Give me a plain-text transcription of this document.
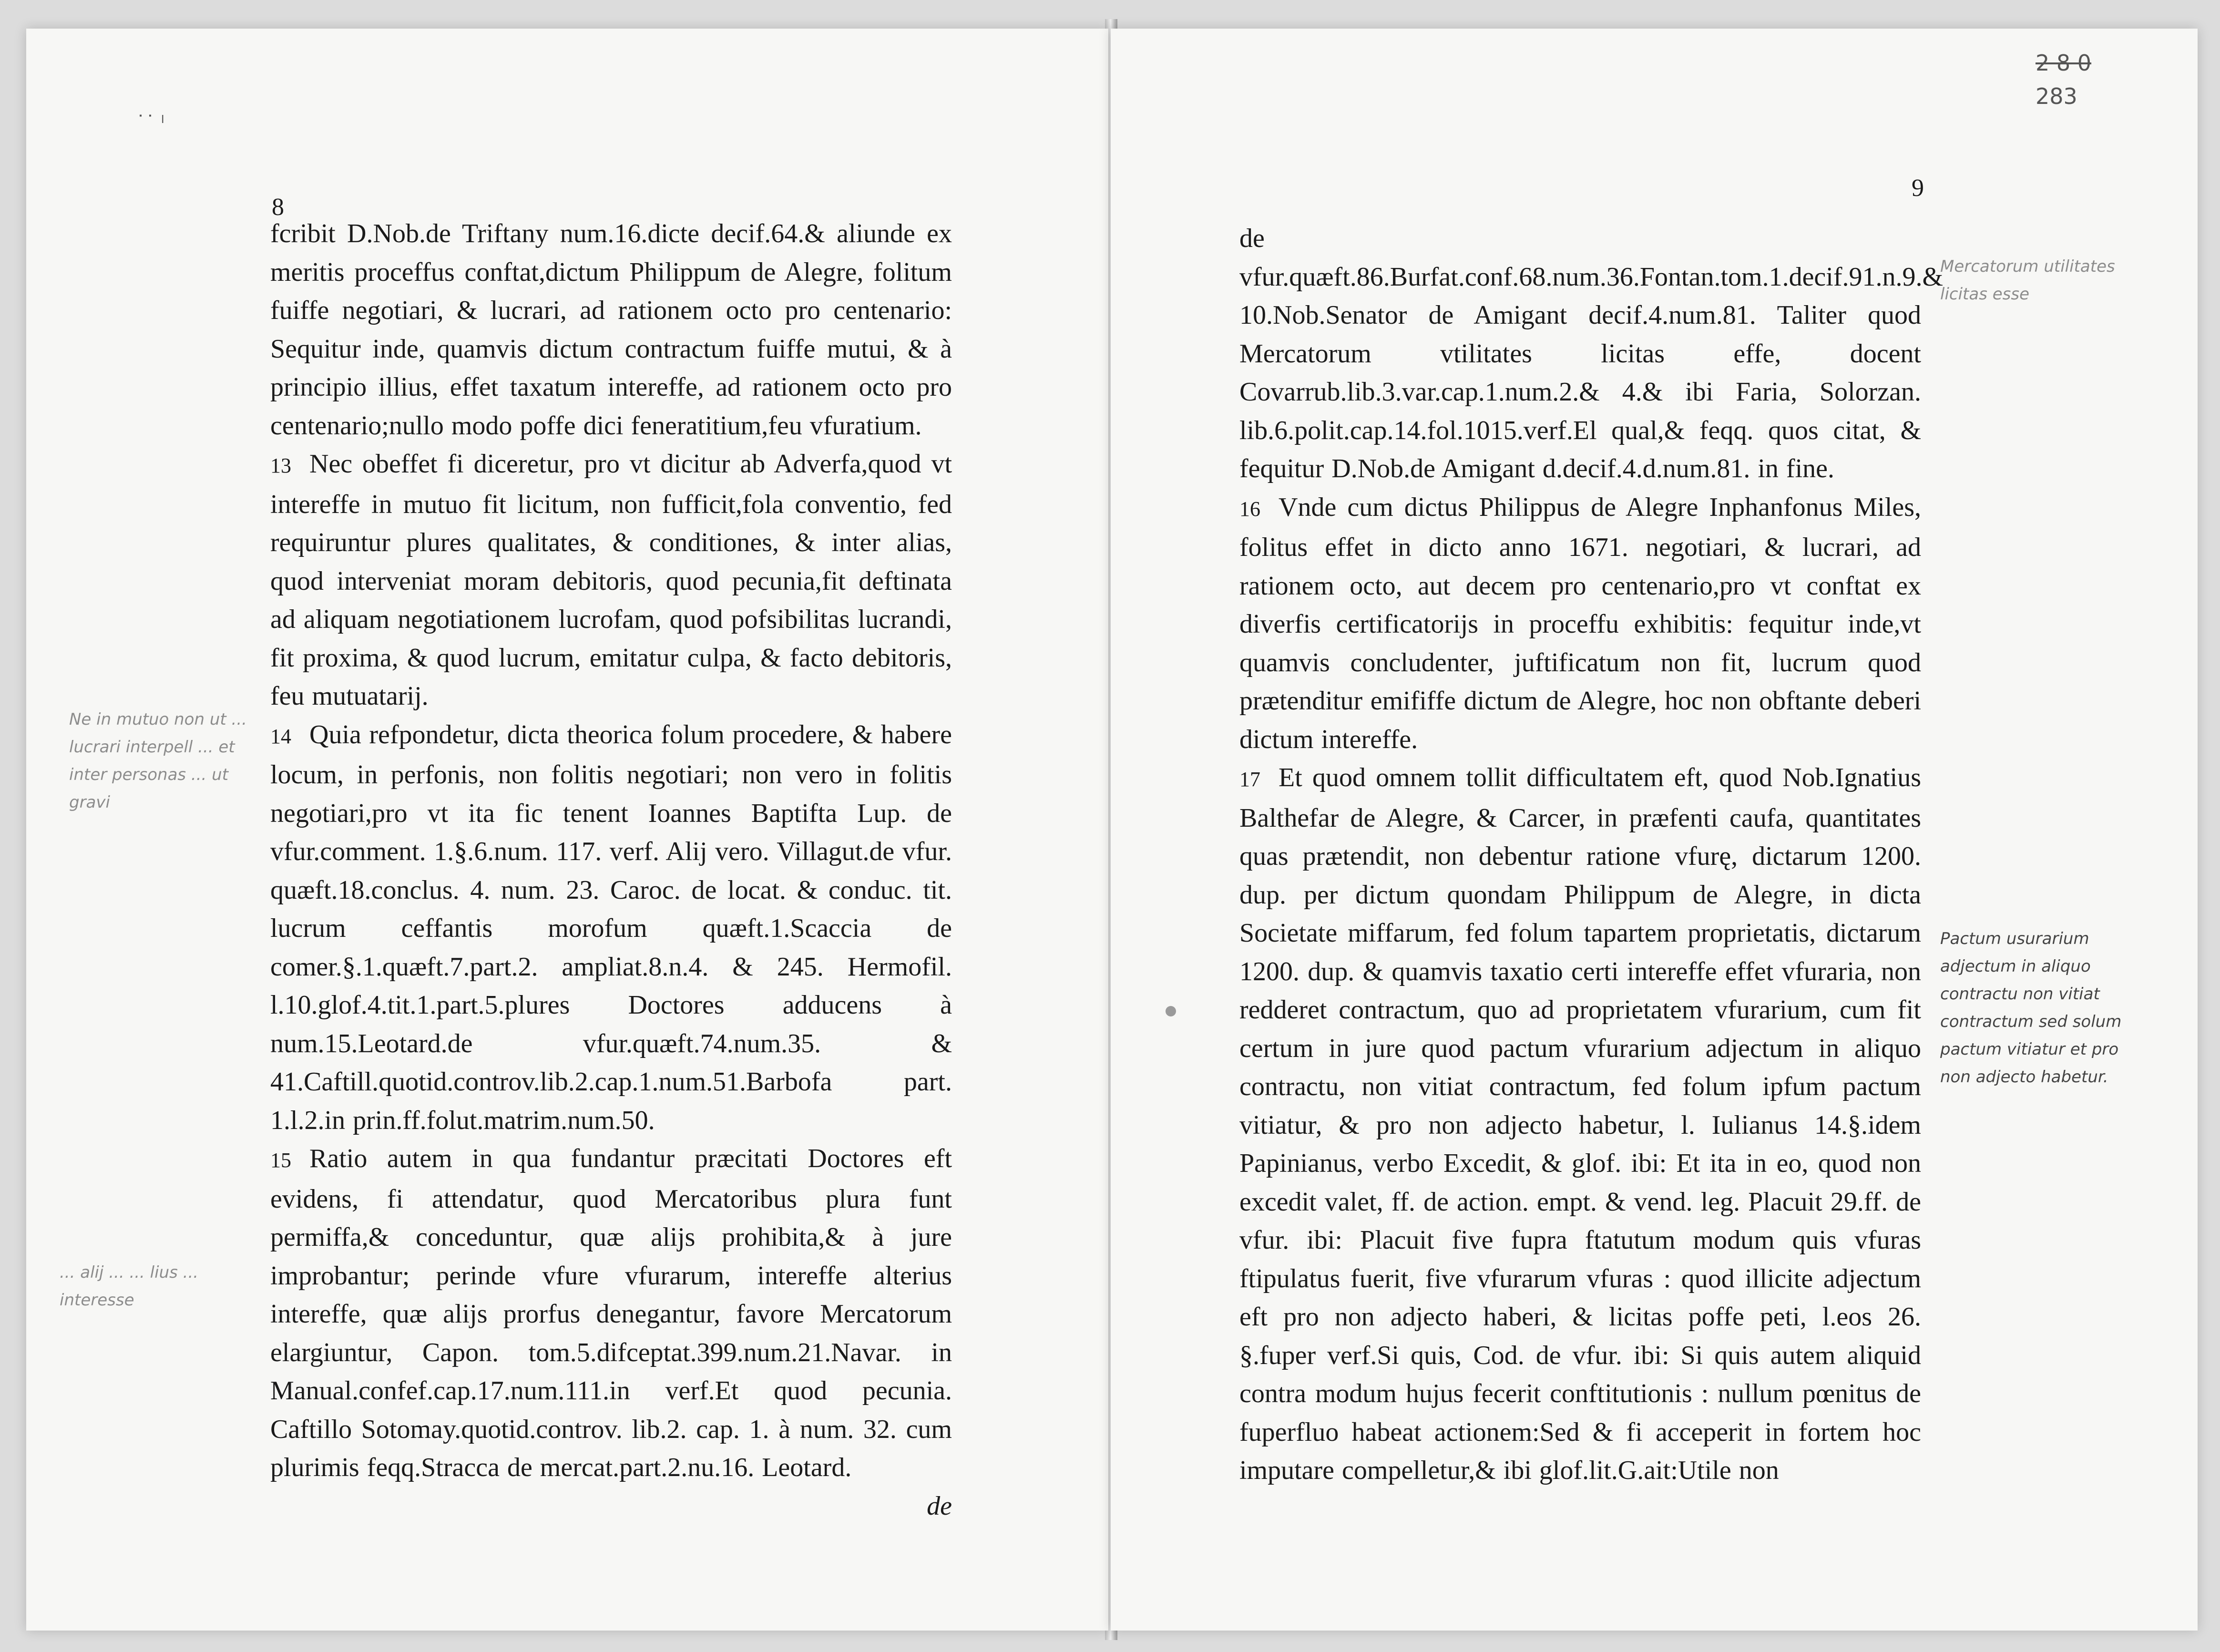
˙˙ ˡ
8

fcribit D.Nob.de Triftany num.16.dicte decif.64.& aliunde ex meritis proceffus conftat,dictum Philippum de Alegre, folitum fuiffe negotiari, & lucrari, ad rationem octo pro centenario: Sequitur inde, quamvis dictum contractum fuiffe mutui, & à principio illius, effet taxatum intereffe, ad rationem octo pro centenario;nullo modo poffe dici feneratitium,feu vfuratium.

13 Nec obeffet fi diceretur, pro vt dicitur ab Adverfa,quod vt intereffe in mutuo fit licitum, non fufficit,fola conventio, fed requiruntur plures qualitates, & conditiones, & inter alias, quod interveniat moram debitoris, quod pecunia,fit deftinata ad aliquam negotiationem lucrofam, quod pofsibilitas lucrandi, fit proxima, & quod lucrum, emitatur culpa, & facto debitoris, feu mutuatarij.

14 Quia refpondetur, dicta theorica folum procedere, & habere locum, in perfonis, non folitis negotiari; non vero in folitis negotiari,pro vt ita fic tenent Ioannes Baptifta Lup. de vfur.comment. 1.§.6.num. 117. verf. Alij vero. Villagut.de vfur. quæft.18.conclus. 4. num. 23. Caroc. de locat. & conduc. tit. lucrum ceffantis morofum quæft.1.Scaccia de comer.§.1.quæft.7.part.2. ampliat.8.n.4. & 245. Hermofil. l.10.glof.4.tit.1.part.5.plures Doctores adducens à num.15.Leotard.de vfur.quæft.74.num.35. & 41.Caftill.quotid.controv.lib.2.cap.1.num.51.Barbofa part. 1.l.2.in prin.ff.folut.matrim.num.50.

15 Ratio autem in qua fundantur præcitati Doctores eft evidens, fi attendatur, quod Mercatoribus plura funt permiffa,& conceduntur, quæ alijs prohibita,& à jure improbantur; perinde vfure vfurarum, intereffe alterius intereffe, quæ alijs prorfus denegantur, favore Mercatorum elargiuntur, Capon. tom.5.difceptat.399.num.21.Navar. in Manual.confef.cap.17.num.111.in verf.Et quod pecunia. Caftillo Sotomay.quotid.controv. lib.2. cap. 1. à num. 32. cum plurimis feqq.Stracca de mercat.part.2.nu.16. Leotard.

de

Ne in mutuo non ut ... lucrari interpell ... et inter personas ... ut gravi
... alij ... ... lius ... interesse
2 8 0
283
9

de vfur.quæft.86.Burfat.conf.68.num.36.Fontan.tom.1.decif.91.n.9.& 10.Nob.Senator de Amigant decif.4.num.81. Taliter quod Mercatorum vtilitates licitas effe, docent Covarrub.lib.3.var.cap.1.num.2.& 4.& ibi Faria, Solorzan. lib.6.polit.cap.14.fol.1015.verf.El qual,& feqq. quos citat, & fequitur D.Nob.de Amigant d.decif.4.d.num.81. in fine.

16 Vnde cum dictus Philippus de Alegre Inphanfonus Miles, folitus effet in dicto anno 1671. negotiari, & lucrari, ad rationem octo, aut decem pro centenario,pro vt conftat ex diverfis certificatorijs in proceffu exhibitis: fequitur inde,vt quamvis concludenter, juftificatum non fit, lucrum quod prætenditur emififfe dictum de Alegre, hoc non obftante deberi dictum intereffe.

17 Et quod omnem tollit difficultatem eft, quod Nob.Ignatius Balthefar de Alegre, & Carcer, in præfenti caufa, quantitates quas prætendit, non debentur ratione vfurę, dictarum 1200. dup. per dictum quondam Philippum de Alegre, in dicta Societate miffarum, fed folum tapartem proprietatis, dictarum 1200. dup. & quamvis taxatio certi intereffe effet vfuraria, non redderet contractum, quo ad proprietatem vfurarium, cum fit certum in jure quod pactum vfurarium adjectum in aliquo contractu, non vitiat contractum, fed folum ipfum pactum vitiatur, & pro non adjecto habetur, l. Iulianus 14.§.idem Papinianus, verbo Excedit, & glof. ibi: Et ita in eo, quod non excedit valet, ff. de action. empt. & vend. leg. Placuit 29.ff. de vfur. ibi: Placuit five fupra ftatutum modum quis vfuras ftipulatus fuerit, five vfurarum vfuras : quod illicite adjectum eft pro non adjecto haberi, & licitas poffe peti, l.eos 26. §.fuper verf.Si quis, Cod. de vfur. ibi: Si quis autem aliquid contra modum hujus fecerit conftitutionis : nullum pœnitus de fuperfluo habeat actionem:Sed & fi acceperit in fortem hoc imputare compelletur,& ibi glof.lit.G.ait:Utile non

Mercatorum utilitates licitas esse
Pactum usurarium adjectum in aliquo contractu non vitiat contractum sed solum pactum vitiatur et pro non adjecto habetur.
